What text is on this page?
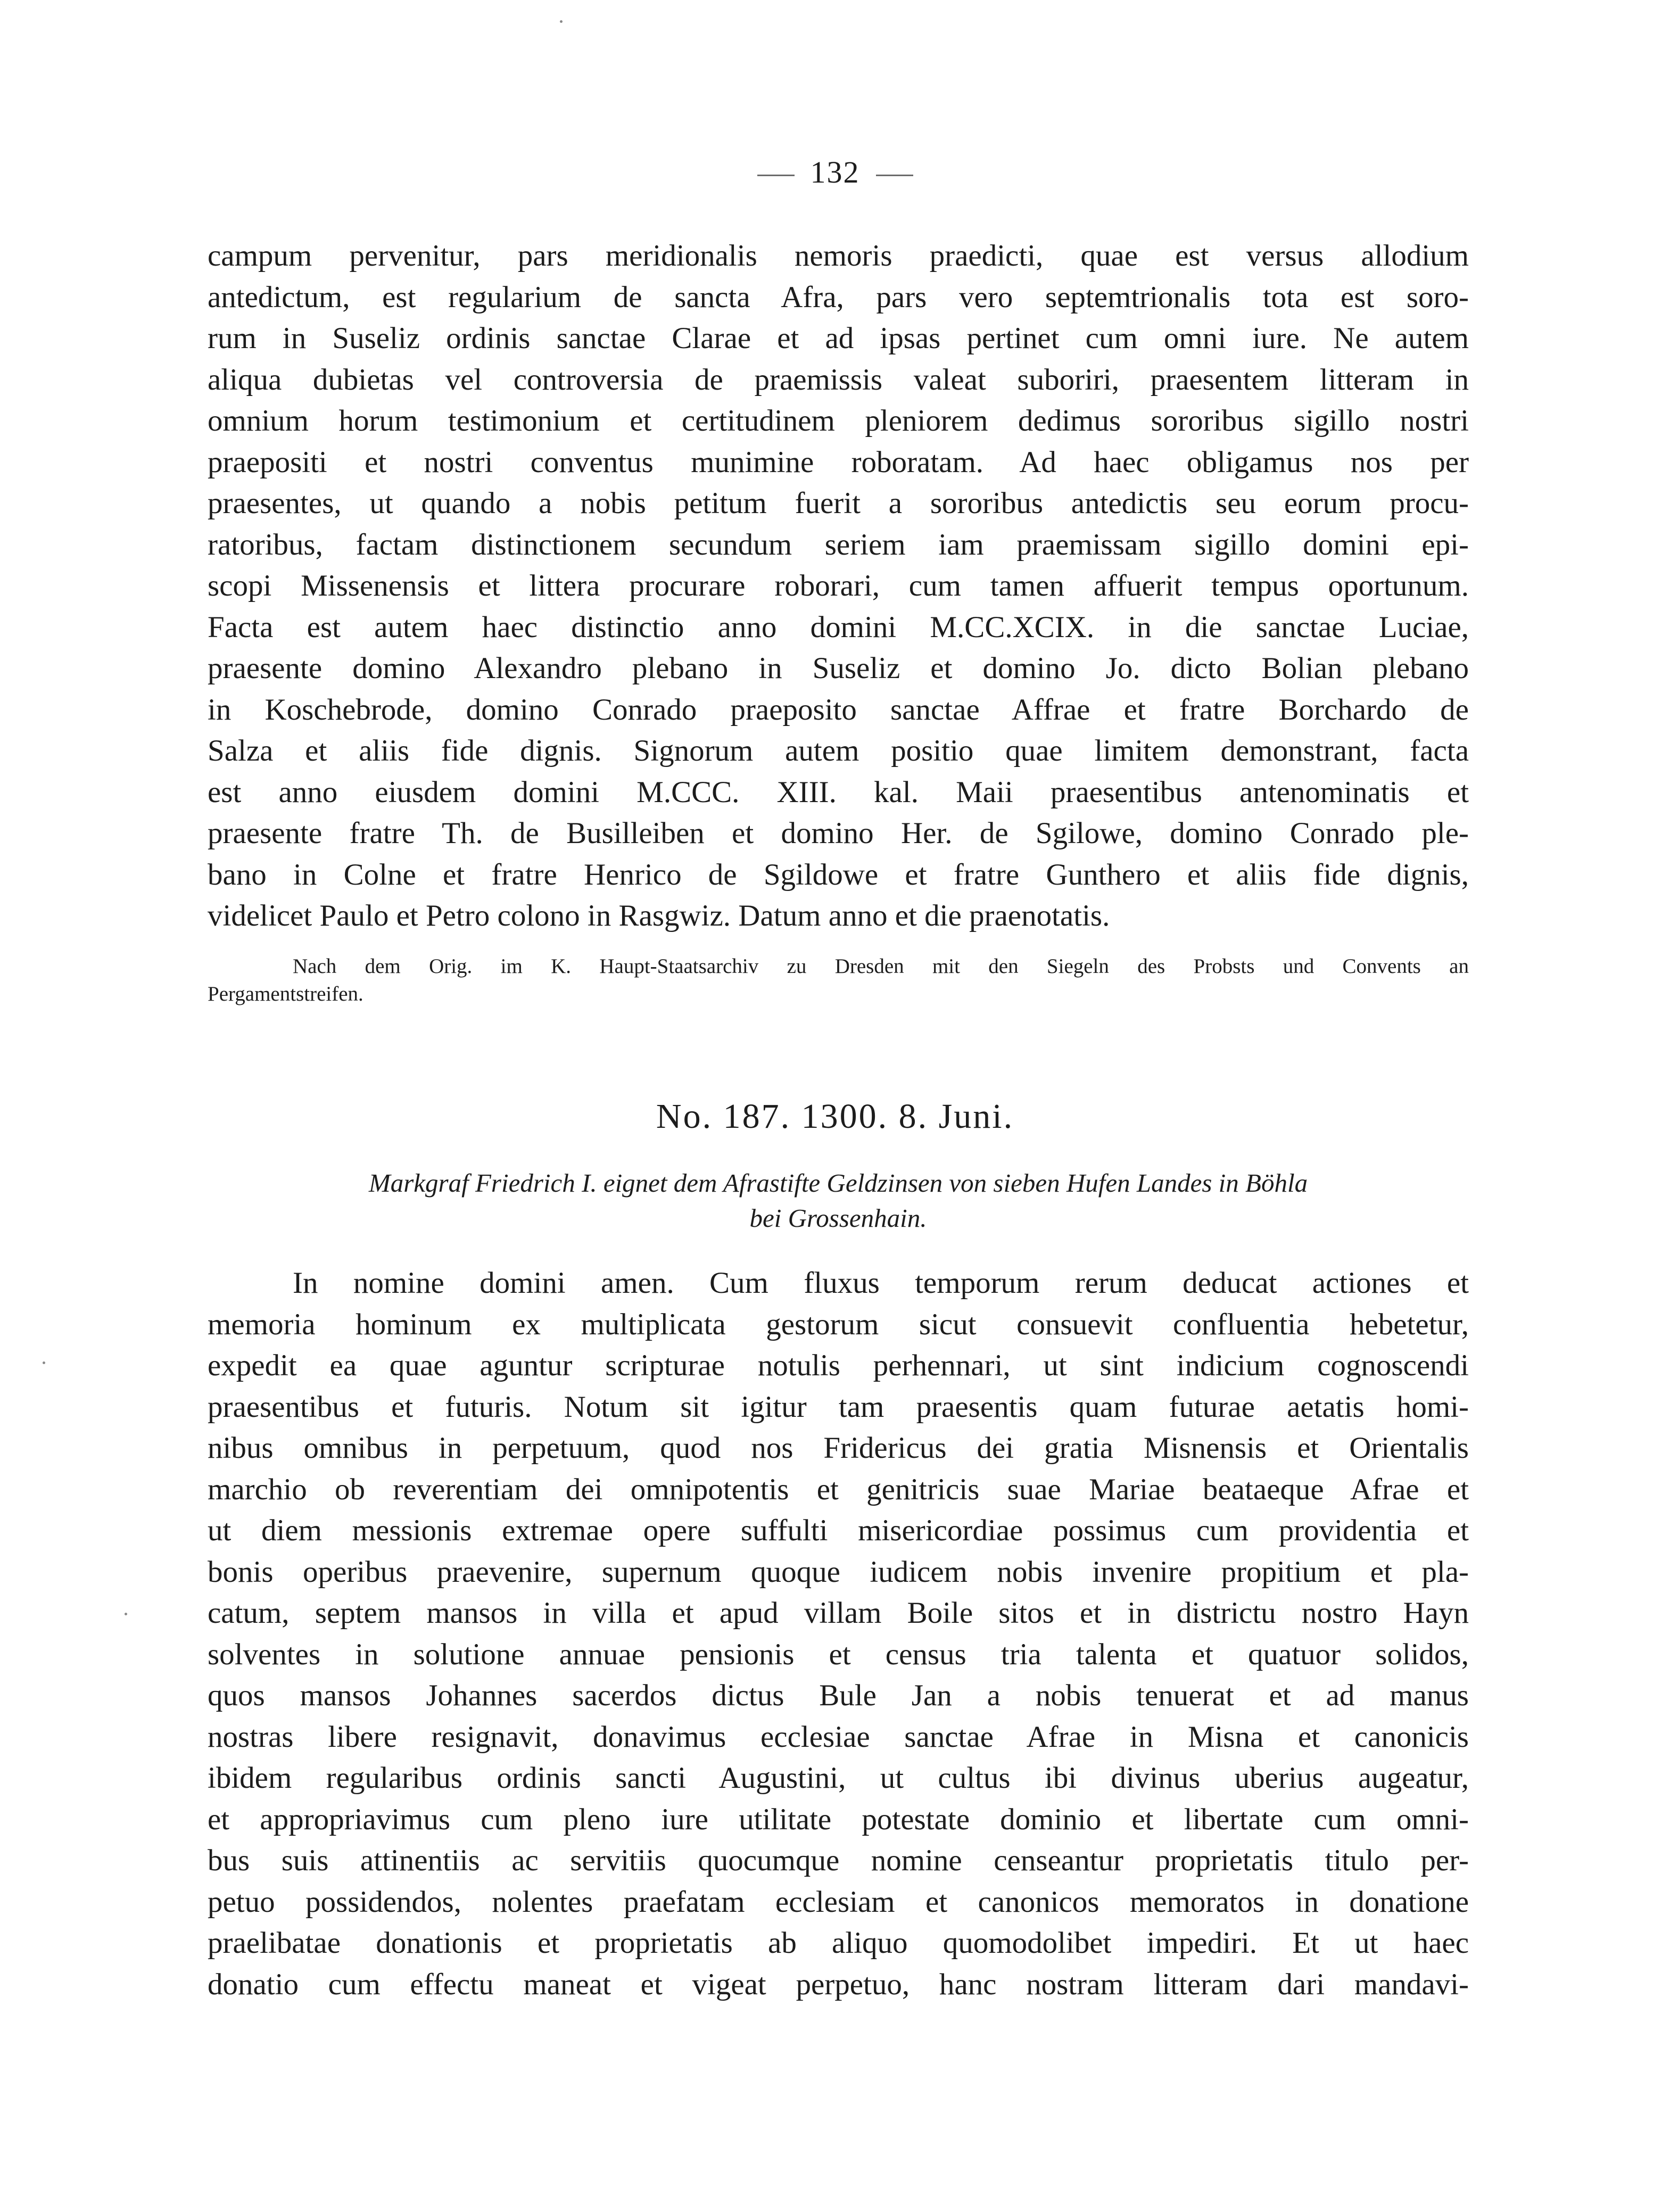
132
campum pervenitur, pars meridionalis nemoris praedicti, quae est versus allodium
antedictum, est regularium de sancta Afra, pars vero septemtrionalis tota est soro-
rum in Suseliz ordinis sanctae Clarae et ad ipsas pertinet cum omni iure. Ne autem
aliqua dubietas vel controversia de praemissis valeat suboriri, praesentem litteram in
omnium horum testimonium et certitudinem pleniorem dedimus sororibus sigillo nostri
praepositi et nostri conventus munimine roboratam. Ad haec obligamus nos per
praesentes, ut quando a nobis petitum fuerit a sororibus antedictis seu eorum procu-
ratoribus, factam distinctionem secundum seriem iam praemissam sigillo domini epi-
scopi Missenensis et littera procurare roborari, cum tamen affuerit tempus oportunum.
Facta est autem haec distinctio anno domini M.CC.XCIX. in die sanctae Luciae,
praesente domino Alexandro plebano in Suseliz et domino Jo. dicto Bolian plebano
in Koschebrode, domino Conrado praeposito sanctae Affrae et fratre Borchardo de
Salza et aliis fide dignis. Signorum autem positio quae limitem demonstrant, facta
est anno eiusdem domini M.CCC. XIII. kal. Maii praesentibus antenominatis et
praesente fratre Th. de Busilleiben et domino Her. de Sgilowe, domino Conrado ple-
bano in Colne et fratre Henrico de Sgildowe et fratre Gunthero et aliis fide dignis,
videlicet Paulo et Petro colono in Rasgwiz. Datum anno et die praenotatis.
Nach dem Orig. im K. Haupt-Staatsarchiv zu Dresden mit den Siegeln des Probsts und Convents an
Pergamentstreifen.
No. 187. 1300. 8. Juni.
Markgraf Friedrich I. eignet dem Afrastifte Geldzinsen von sieben Hufen Landes in Böhla
bei Grossenhain.
In nomine domini amen. Cum fluxus temporum rerum deducat actiones et
memoria hominum ex multiplicata gestorum sicut consuevit confluentia hebetetur,
expedit ea quae aguntur scripturae notulis perhennari, ut sint indicium cognoscendi
praesentibus et futuris. Notum sit igitur tam praesentis quam futurae aetatis homi-
nibus omnibus in perpetuum, quod nos Fridericus dei gratia Misnensis et Orientalis
marchio ob reverentiam dei omnipotentis et genitricis suae Mariae beataeque Afrae et
ut diem messionis extremae opere suffulti misericordiae possimus cum providentia et
bonis operibus praevenire, supernum quoque iudicem nobis invenire propitium et pla-
catum, septem mansos in villa et apud villam Boile sitos et in districtu nostro Hayn
solventes in solutione annuae pensionis et census tria talenta et quatuor solidos,
quos mansos Johannes sacerdos dictus Bule Jan a nobis tenuerat et ad manus
nostras libere resignavit, donavimus ecclesiae sanctae Afrae in Misna et canonicis
ibidem regularibus ordinis sancti Augustini, ut cultus ibi divinus uberius augeatur,
et appropriavimus cum pleno iure utilitate potestate dominio et libertate cum omni-
bus suis attinentiis ac servitiis quocumque nomine censeantur proprietatis titulo per-
petuo possidendos, nolentes praefatam ecclesiam et canonicos memoratos in donatione
praelibatae donationis et proprietatis ab aliquo quomodolibet impediri. Et ut haec
donatio cum effectu maneat et vigeat perpetuo, hanc nostram litteram dari mandavi-
